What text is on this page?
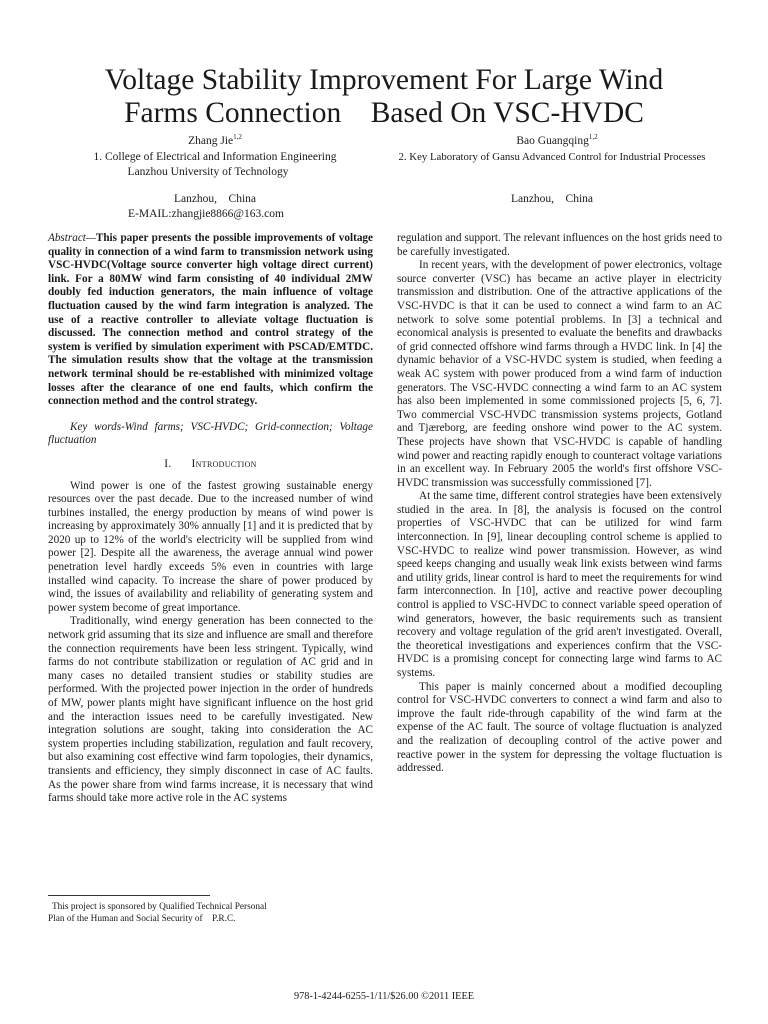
Voltage Stability Improvement For Large Wind
Farms Connection    Based On VSC-HVDC
Zhang Jie$^{1,2}$
1. College of Electrical and Information Engineering
Lanzhou University of Technology
Lanzhou,    China
E-MAIL:zhangjie8866@163.com
Bao Guangqing$^{1,2}$
2. Key Laboratory of Gansu Advanced Control for Industrial Processes
Lanzhou,    China

Abstract—This paper presents the possible improvements of voltage quality in connection of a wind farm to transmission network using VSC-HVDC(Voltage source converter high voltage direct current) link. For a 80MW wind farm consisting of 40 individual 2MW doubly fed induction generators, the main influence of voltage fluctuation caused by the wind farm integration is analyzed. The use of a reactive controller to alleviate voltage fluctuation is discussed. The connection method and control strategy of the system is verified by simulation experiment with PSCAD/EMTDC. The simulation results show that the voltage at the transmission network terminal should be re-established with minimized voltage losses after the clearance of one end faults, which confirm the connection method and the control strategy.

Key words-Wind farms; VSC-HVDC; Grid-connection; Voltage fluctuation

I. Introduction

Wind power is one of the fastest growing sustainable energy resources over the past decade. Due to the increased number of wind turbines installed, the energy production by means of wind power is increasing by approximately 30% annually [1] and it is predicted that by 2020 up to 12% of the world's electricity will be supplied from wind power [2]. Despite all the awareness, the average annual wind power penetration level hardly exceeds 5% even in countries with large installed wind capacity. To increase the share of power produced by wind, the issues of availability and reliability of generating system and power system become of great importance.

Traditionally, wind energy generation has been connected to the network grid assuming that its size and influence are small and therefore the connection requirements have been less stringent. Typically, wind farms do not contribute stabilization or regulation of AC grid and in many cases no detailed transient studies or stability studies are performed. With the projected power injection in the order of hundreds of MW, power plants might have significant influence on the host grid and the interaction issues need to be carefully investigated. New integration solutions are sought, taking into consideration the AC system properties including stabilization, regulation and fault recovery, but also examining cost effective wind farm topologies, their dynamics, transients and efficiency, they simply disconnect in case of AC faults. As the power share from wind farms increase, it is necessary that wind farms should take more active role in the AC systems

regulation and support. The relevant influences on the host grids need to be carefully investigated.

In recent years, with the development of power electronics, voltage source converter (VSC) has became an active player in electricity transmission and distribution. One of the attractive applications of the VSC-HVDC is that it can be used to connect a wind farm to an AC network to solve some potential problems. In [3] a technical and economical analysis is presented to evaluate the benefits and drawbacks of grid connected offshore wind farms through a HVDC link. In [4] the dynamic behavior of a VSC-HVDC system is studied, when feeding a weak AC system with power produced from a wind farm of induction generators. The VSC-HVDC connecting a wind farm to an AC system has also been implemented in some commissioned projects [5, 6, 7]. Two commercial VSC-HVDC transmission systems projects, Gotland and Tjæreborg, are feeding onshore wind power to the AC system. These projects have shown that VSC-HVDC is capable of handling wind power and reacting rapidly enough to counteract voltage variations in an excellent way. In February 2005 the world's first offshore VSC-HVDC transmission was successfully commissioned [7].

At the same time, different control strategies have been extensively studied in the area. In [8], the analysis is focused on the control properties of VSC-HVDC that can be utilized for wind farm interconnection. In [9], linear decoupling control scheme is applied to VSC-HVDC to realize wind power transmission. However, as wind speed keeps changing and usually weak link exists between wind farms and utility grids, linear control is hard to meet the requirements for wind farm interconnection. In [10], active and reactive power decoupling control is applied to VSC-HVDC to connect variable speed operation of wind generators, however, the basic requirements such as transient recovery and voltage regulation of the grid aren't investigated. Overall, the theoretical investigations and experiences confirm that the VSC-HVDC is a promising concept for connecting large wind farms to AC systems.

This paper is mainly concerned about a modified decoupling control for VSC-HVDC converters to connect a wind farm and also to improve the fault ride-through capability of the wind farm at the expense of the AC fault. The source of voltage fluctuation is analyzed and the realization of decoupling control of the active power and reactive power in the system for depressing the voltage fluctuation is addressed.

This project is sponsored by Qualified Technical Personal
Plan of the Human and Social Security of    P.R.C.
978-1-4244-6255-1/11/$26.00 ©2011 IEEE
